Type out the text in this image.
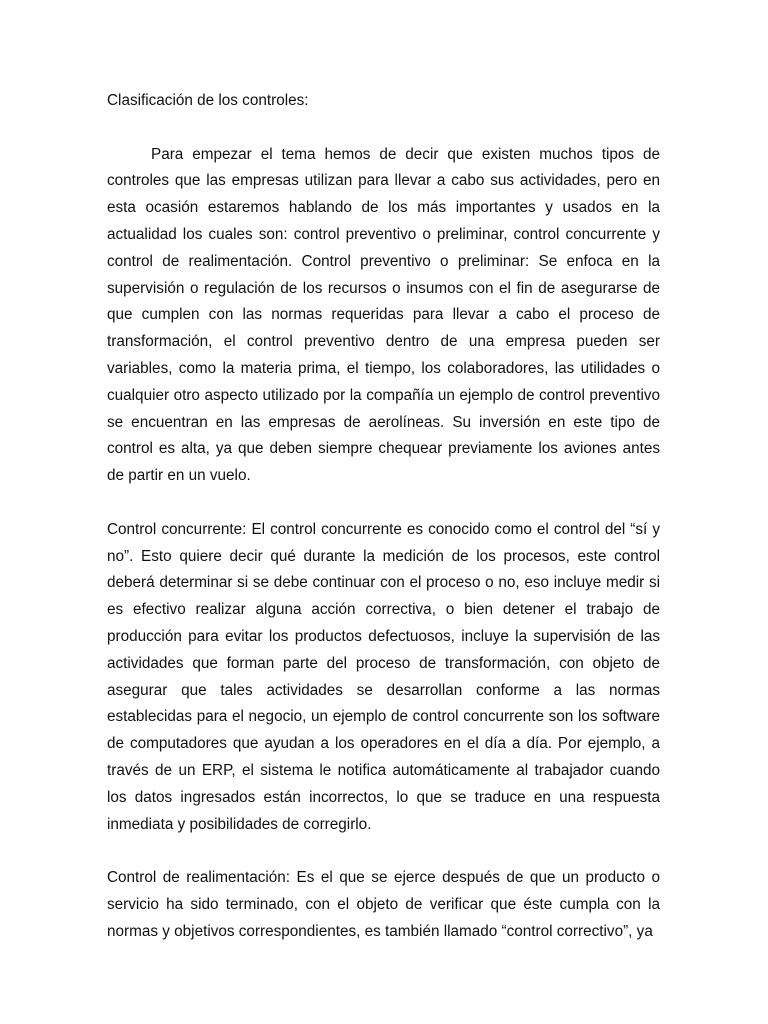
Clasificación de los controles:

Para empezar el tema hemos de decir que existen muchos tipos de controles que las empresas utilizan para llevar a cabo sus actividades, pero en esta ocasión estaremos hablando de los más importantes y usados en la actualidad los cuales son: control preventivo o preliminar, control concurrente y control de realimentación. Control preventivo o preliminar: Se enfoca en la supervisión o regulación de los recursos o insumos con el fin de asegurarse de que cumplen con las normas requeridas para llevar a cabo el proceso de transformación, el control preventivo dentro de una empresa pueden ser variables, como la materia prima, el tiempo, los colaboradores, las utilidades o cualquier otro aspecto utilizado por la compañía un ejemplo de control preventivo se encuentran en las empresas de aerolíneas. Su inversión en este tipo de control es alta, ya que deben siempre chequear previamente los aviones antes de partir en un vuelo.

Control concurrente: El control concurrente es conocido como el control del “sí y no”. Esto quiere decir qué durante la medición de los procesos, este control deberá determinar si se debe continuar con el proceso o no, eso incluye medir si es efectivo realizar alguna acción correctiva, o bien detener el trabajo de producción para evitar los productos defectuosos, incluye la supervisión de las actividades que forman parte del proceso de transformación, con objeto de asegurar que tales actividades se desarrollan conforme a las normas establecidas para el negocio, un ejemplo de control concurrente son los software de computadores que ayudan a los operadores en el día a día. Por ejemplo, a través de un ERP, el sistema le notifica automáticamente al trabajador cuando los datos ingresados están incorrectos, lo que se traduce en una respuesta inmediata y posibilidades de corregirlo.

Control de realimentación: Es el que se ejerce después de que un producto o servicio ha sido terminado, con el objeto de verificar que éste cumpla con la normas y objetivos correspondientes, es también llamado “control correctivo”, ya
